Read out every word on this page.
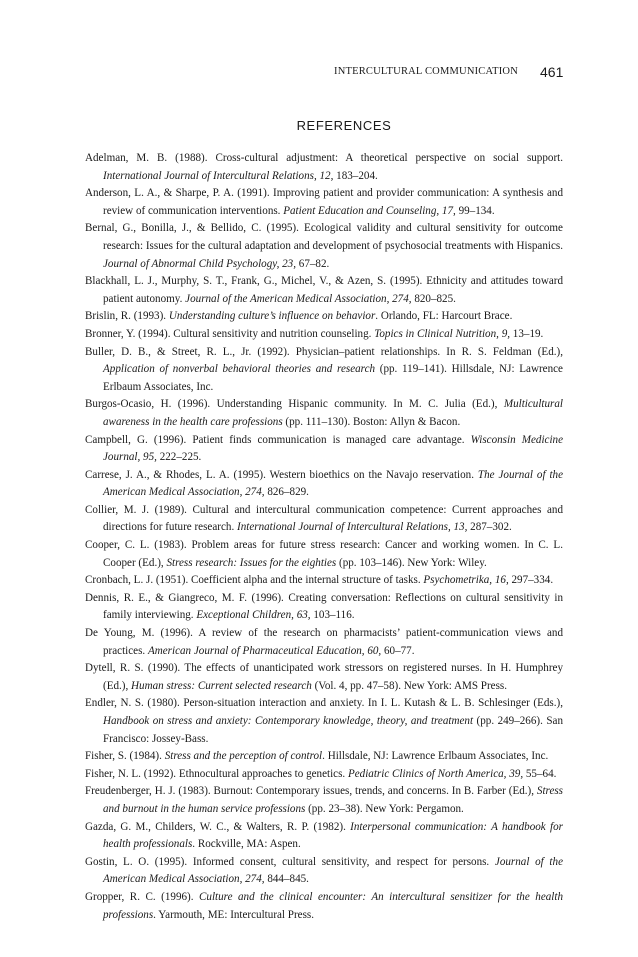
INTERCULTURAL COMMUNICATION 461
REFERENCES
Adelman, M. B. (1988). Cross-cultural adjustment: A theoretical perspective on social support. International Journal of Intercultural Relations, 12, 183–204.
Anderson, L. A., & Sharpe, P. A. (1991). Improving patient and provider communication: A synthesis and review of communication interventions. Patient Education and Counseling, 17, 99–134.
Bernal, G., Bonilla, J., & Bellido, C. (1995). Ecological validity and cultural sensitivity for outcome research: Issues for the cultural adaptation and development of psychosocial treatments with Hispanics. Journal of Abnormal Child Psychology, 23, 67–82.
Blackhall, L. J., Murphy, S. T., Frank, G., Michel, V., & Azen, S. (1995). Ethnicity and attitudes toward patient autonomy. Journal of the American Medical Association, 274, 820–825.
Brislin, R. (1993). Understanding culture’s influence on behavior. Orlando, FL: Harcourt Brace.
Bronner, Y. (1994). Cultural sensitivity and nutrition counseling. Topics in Clinical Nutrition, 9, 13–19.
Buller, D. B., & Street, R. L., Jr. (1992). Physician–patient relationships. In R. S. Feldman (Ed.), Application of nonverbal behavioral theories and research (pp. 119–141). Hillsdale, NJ: Lawrence Erlbaum Associates, Inc.
Burgos-Ocasio, H. (1996). Understanding Hispanic community. In M. C. Julia (Ed.), Multicultural awareness in the health care professions (pp. 111–130). Boston: Allyn & Bacon.
Campbell, G. (1996). Patient finds communication is managed care advantage. Wisconsin Medicine Journal, 95, 222–225.
Carrese, J. A., & Rhodes, L. A. (1995). Western bioethics on the Navajo reservation. The Journal of the American Medical Association, 274, 826–829.
Collier, M. J. (1989). Cultural and intercultural communication competence: Current approaches and directions for future research. International Journal of Intercultural Relations, 13, 287–302.
Cooper, C. L. (1983). Problem areas for future stress research: Cancer and working women. In C. L. Cooper (Ed.), Stress research: Issues for the eighties (pp. 103–146). New York: Wiley.
Cronbach, L. J. (1951). Coefficient alpha and the internal structure of tasks. Psychometrika, 16, 297–334.
Dennis, R. E., & Giangreco, M. F. (1996). Creating conversation: Reflections on cultural sensitivity in family interviewing. Exceptional Children, 63, 103–116.
De Young, M. (1996). A review of the research on pharmacists’ patient-communication views and practices. American Journal of Pharmaceutical Education, 60, 60–77.
Dytell, R. S. (1990). The effects of unanticipated work stressors on registered nurses. In H. Humphrey (Ed.), Human stress: Current selected research (Vol. 4, pp. 47–58). New York: AMS Press.
Endler, N. S. (1980). Person-situation interaction and anxiety. In I. L. Kutash & L. B. Schlesinger (Eds.), Handbook on stress and anxiety: Contemporary knowledge, theory, and treatment (pp. 249–266). San Francisco: Jossey-Bass.
Fisher, S. (1984). Stress and the perception of control. Hillsdale, NJ: Lawrence Erlbaum Associates, Inc.
Fisher, N. L. (1992). Ethnocultural approaches to genetics. Pediatric Clinics of North America, 39, 55–64.
Freudenberger, H. J. (1983). Burnout: Contemporary issues, trends, and concerns. In B. Farber (Ed.), Stress and burnout in the human service professions (pp. 23–38). New York: Pergamon.
Gazda, G. M., Childers, W. C., & Walters, R. P. (1982). Interpersonal communication: A handbook for health professionals. Rockville, MA: Aspen.
Gostin, L. O. (1995). Informed consent, cultural sensitivity, and respect for persons. Journal of the American Medical Association, 274, 844–845.
Gropper, R. C. (1996). Culture and the clinical encounter: An intercultural sensitizer for the health professions. Yarmouth, ME: Intercultural Press.
